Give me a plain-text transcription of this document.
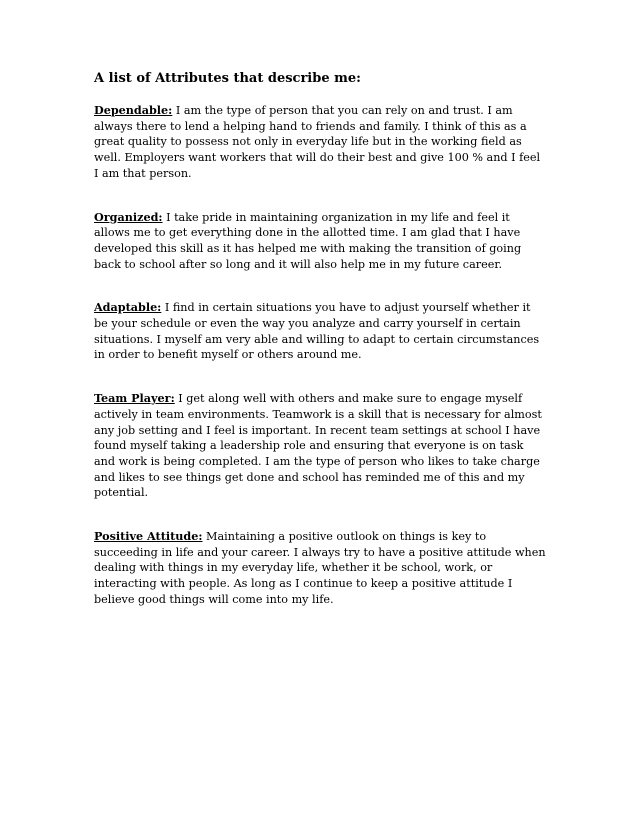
A list of Attributes that describe me:

Dependable: I am the type of person that you can rely on and trust. I am always there to lend a helping hand to friends and family. I think of this as a great quality to possess not only in everyday life but in the working field as well. Employers want workers that will do their best and give 100 % and I feel I am that person.

Organized: I take pride in maintaining organization in my life and feel it allows me to get everything done in the allotted time. I am glad that I have developed this skill as it has helped me with making the transition of going back to school after so long and it will also help me in my future career.

Adaptable: I find in certain situations you have to adjust yourself whether it be your schedule or even the way you analyze and carry yourself in certain situations. I myself am very able and willing to adapt to certain circumstances in order to benefit myself or others around me.

Team Player: I get along well with others and make sure to engage myself actively in team environments. Teamwork is a skill that is necessary for almost any job setting and I feel is important. In recent team settings at school I have found myself taking a leadership role and ensuring that everyone is on task and work is being completed. I am the type of person who likes to take charge and likes to see things get done and school has reminded me of this and my potential.

Positive Attitude: Maintaining a positive outlook on things is key to succeeding in life and your career. I always try to have a positive attitude when dealing with things in my everyday life, whether it be school, work, or interacting with people. As long as I continue to keep a positive attitude I believe good things will come into my life.
